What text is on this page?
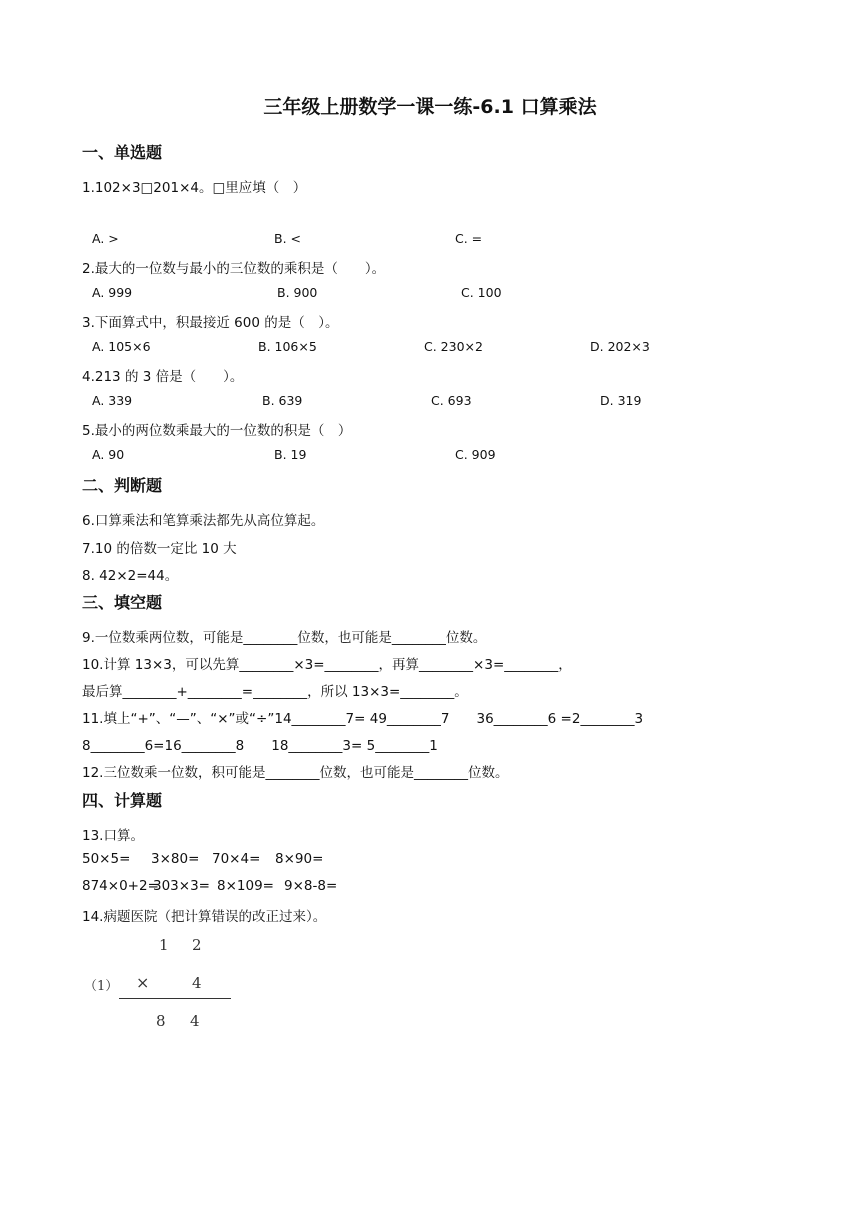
三年级上册数学一课一练-6.1 口算乘法
一、单选题
1.102×3□201×4。□里应填（　）
A. >	B. <	C. =
2.最大的一位数与最小的三位数的乘积是（　　）。
A. 999	B. 900	C. 100
3.下面算式中，积最接近 600 的是（　）。
A. 105×6	B. 106×5	C. 230×2	D. 202×3
4.213 的 3 倍是（　　）。
A. 339	B. 639	C. 693	D. 319
5.最小的两位数乘最大的一位数的积是（　）
A. 90	B. 19	C. 909
二、判断题
6.口算乘法和笔算乘法都先从高位算起。
7.10 的倍数一定比 10 大
8. 42×2=44。
三、填空题
9.一位数乘两位数，可能是________位数，也可能是________位数。
10.计算 13×3，可以先算________×3=________，再算________×3=________，
最后算________+________=________，所以 13×3=________。
11.填上“+”、“—”、“×”或“÷”14________7= 49________7　　36________6 =2________3
8________6=16________8　　18________3= 5________1
12.三位数乘一位数，积可能是________位数，也可能是________位数。
四、计算题
13.口算。
50×5= 3×80= 70×4= 8×90=
874×0+2=
303×3= 8×109= 9×8-8=
14.病题医院（把计算错误的改正过来）。
1 2
（1） ×	4
8 4
